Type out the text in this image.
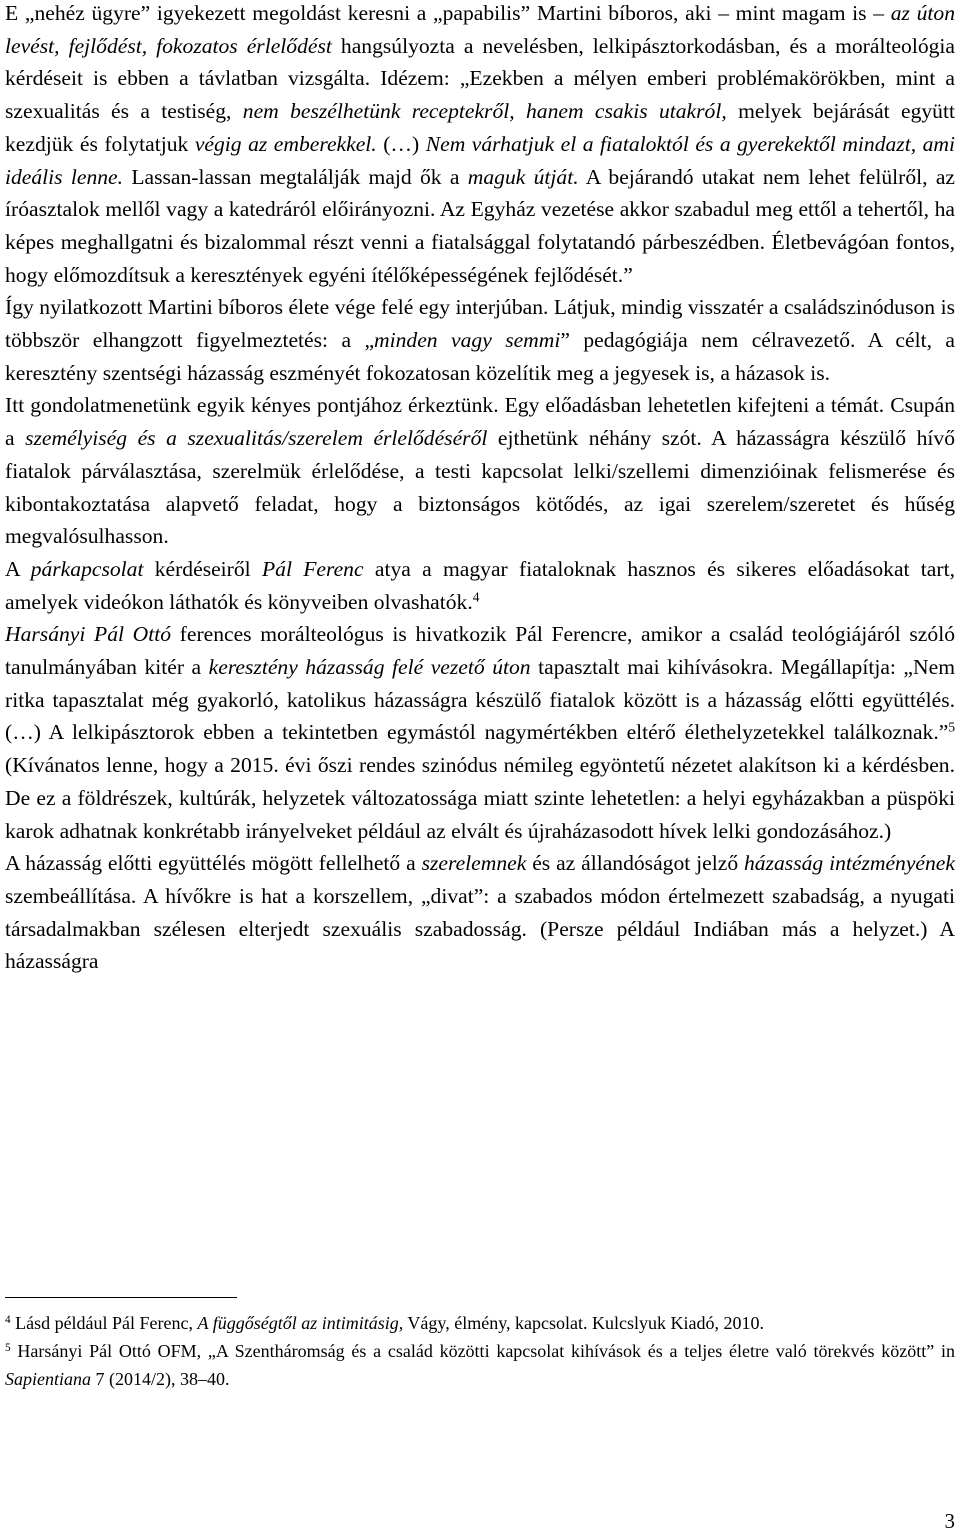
E „nehéz ügyre” igyekezett megoldást keresni a „papabilis” Martini bíboros, aki – mint magam is – az úton levést, fejlődést, fokozatos érlelődést hangsúlyozta a nevelésben, lelkipásztorkodásban, és a morálteológia kérdéseit is ebben a távlatban vizsgálta. Idézem: „Ezekben a mélyen emberi problémakörökben, mint a szexualitás és a testiség, nem beszélhetünk receptekről, hanem csakis utakról, melyek bejárását együtt kezdjük és folytatjuk végig az emberekkel. (…) Nem várhatjuk el a fiataloktól és a gyerekektől mindazt, ami ideális lenne. Lassan-lassan megtalálják majd ők a maguk útját. A bejárandó utakat nem lehet felülről, az íróasztalok mellől vagy a katedráról előirányozni. Az Egyház vezetése akkor szabadul meg ettől a tehertől, ha képes meghallgatni és bizalommal részt venni a fiatalsággal folytatandó párbeszédben. Életbevágóan fontos, hogy előmozdítsuk a keresztények egyéni ítélőképességének fejlődését.”

Így nyilatkozott Martini bíboros élete vége felé egy interjúban. Látjuk, mindig visszatér a családszinóduson is többször elhangzott figyelmeztetés: a „minden vagy semmi” pedagógiája nem célravezető. A célt, a keresztény szentségi házasság eszményét fokozatosan közelítik meg a jegyesek is, a házasok is.

Itt gondolatmenetünk egyik kényes pontjához érkeztünk. Egy előadásban lehetetlen kifejteni a témát. Csupán a személyiség és a szexualitás/szerelem érlelődéséről ejthetünk néhány szót. A házasságra készülő hívő fiatalok párválasztása, szerelmük érlelődése, a testi kapcsolat lelki/szellemi dimenzióinak felismerése és kibontakoztatása alapvető feladat, hogy a biztonságos kötődés, az igai szerelem/szeretet és hűség megvalósulhasson.

A párkapcsolat kérdéseiről Pál Ferenc atya a magyar fiataloknak hasznos és sikeres előadásokat tart, amelyek videókon láthatók és könyveiben olvashatók.$^4$

Harsányi Pál Ottó ferences morálteológus is hivatkozik Pál Ferencre, amikor a család teológiájáról szóló tanulmányában kitér a keresztény házasság felé vezető úton tapasztalt mai kihívásokra. Megállapítja: „Nem ritka tapasztalat még gyakorló, katolikus házasságra készülő fiatalok között is a házasság előtti együttélés. (…) A lelkipásztorok ebben a tekintetben egymástól nagymértékben eltérő élethelyzetekkel találkoznak.”$^5$ (Kívánatos lenne, hogy a 2015. évi őszi rendes szinódus némileg egyöntetű nézetet alakítson ki a kérdésben. De ez a földrészek, kultúrák, helyzetek változatossága miatt szinte lehetetlen: a helyi egyházakban a püspöki karok adhatnak konkrétabb irányelveket például az elvált és újraházasodott hívek lelki gondozásához.)

A házasság előtti együttélés mögött fellelhető a szerelemnek és az állandóságot jelző házasság intézményének szembeállítása. A hívőkre is hat a korszellem, „divat”: a szabados módon értelmezett szabadság, a nyugati társadalmakban szélesen elterjedt szexuális szabadosság. (Persze például Indiában más a helyzet.) A házasságra

$^4$ Lásd például Pál Ferenc, A függőségtől az intimitásig, Vágy, élmény, kapcsolat. Kulcslyuk Kiadó, 2010.

$^5$ Harsányi Pál Ottó OFM, „A Szentháromság és a család közötti kapcsolat kihívások és a teljes életre való törekvés között” in Sapientiana 7 (2014/2), 38–40.

3
